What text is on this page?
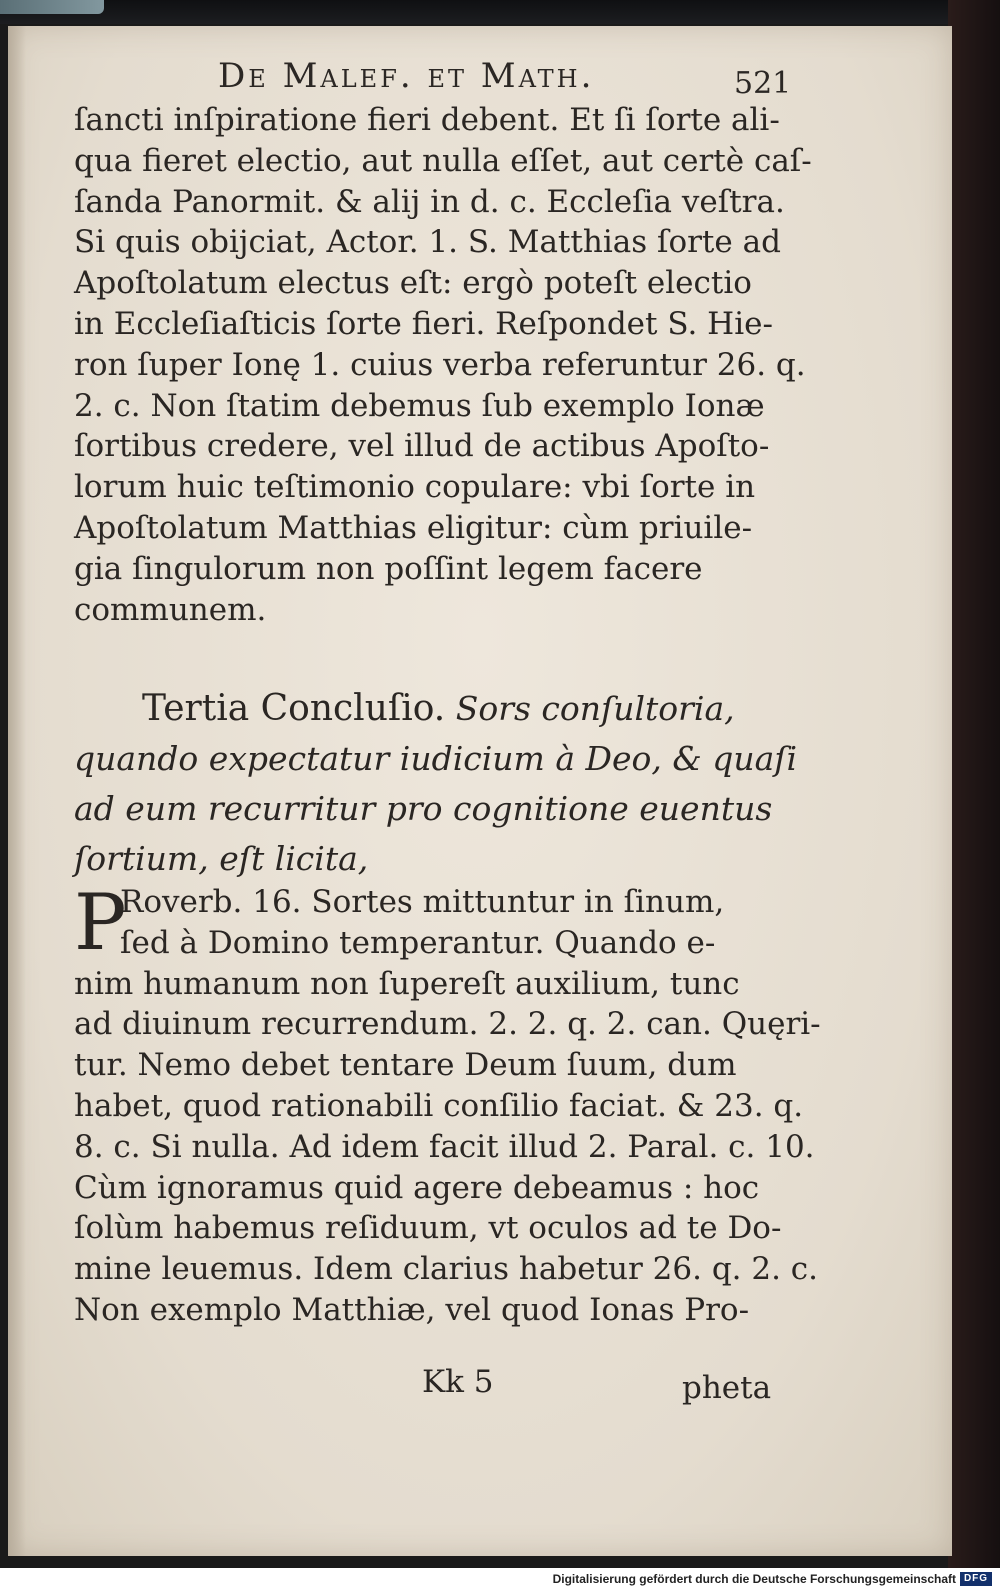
De Malef. et Math.	521
ſancti inſpiratione fieri debent. Et ſi ſorte ali-
qua fieret electio, aut nulla eſſet, aut certè caſ-
ſanda Panormit. & alij in d. c. Eccleſia veſtra.
Si quis obijciat, Actor. 1. S. Matthias ſorte ad
Apoſtolatum electus eſt: ergò poteſt electio
in Eccleſiaſticis ſorte fieri. Reſpondet S. Hie-
ron ſuper Ionę 1. cuius verba referuntur 26. q.
2. c. Non ſtatim debemus ſub exemplo Ionæ
ſortibus credere, vel illud de actibus Apoſto-
lorum huic teſtimonio copulare: vbi ſorte in
Apoſtolatum Matthias eligitur: cùm priuile-
gia ſingulorum non poſſint legem facere
communem.
Tertia Concluſio. Sors conſultoria,
quando expectatur iudicium à Deo, & quaſi
ad eum recurritur pro cognitione euentus
ſortium, eſt licita,
P
Roverb. 16. Sortes mittuntur in ſinum,
ſed à Domino temperantur. Quando e-
nim humanum non ſupereſt auxilium, tunc
ad diuinum recurrendum. 2. 2. q. 2. can. Quęri-
tur. Nemo debet tentare Deum ſuum, dum
habet, quod rationabili conſilio faciat. & 23. q.
8. c. Si nulla. Ad idem facit illud 2. Paral. c. 10.
Cùm ignoramus quid agere debeamus : hoc
ſolùm habemus reſiduum, vt oculos ad te Do-
mine leuemus. Idem clarius habetur 26. q. 2. c.
Non exemplo Matthiæ, vel quod Ionas Pro-
Kk 5	pheta
Digitalisierung gefördert durch die Deutsche Forschungsgemeinschaft DFG
